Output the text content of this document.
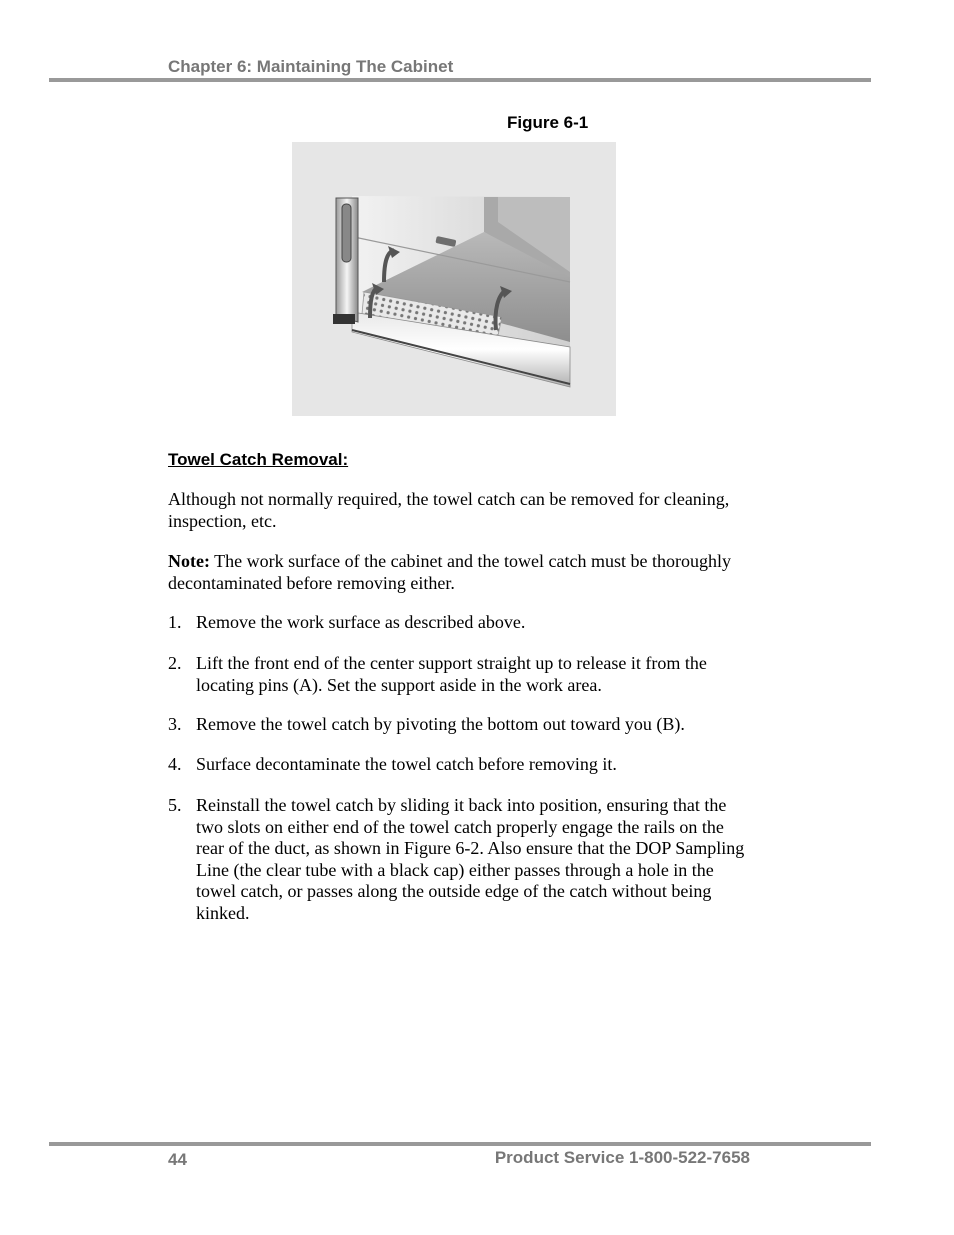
Chapter 6: Maintaining The Cabinet
Figure 6-1
Towel Catch Removal:

Although not normally required, the towel catch can be removed for cleaning, inspection, etc.

Note: The work surface of the cabinet and the towel catch must be thoroughly decontaminated before removing either.

1. Remove the work surface as described above.
2. Lift the front end of the center support straight up to release it from the locating pins (A). Set the support aside in the work area.
3. Remove the towel catch by pivoting the bottom out toward you (B).
4. Surface decontaminate the towel catch before removing it.
5. Reinstall the towel catch by sliding it back into position, ensuring that the two slots on either end of the towel catch properly engage the rails on the rear of the duct, as shown in Figure 6-2. Also ensure that the DOP Sampling Line (the clear tube with a black cap) either passes through a hole in the towel catch, or passes along the outside edge of the catch without being kinked.
44	Product Service 1-800-522-7658
